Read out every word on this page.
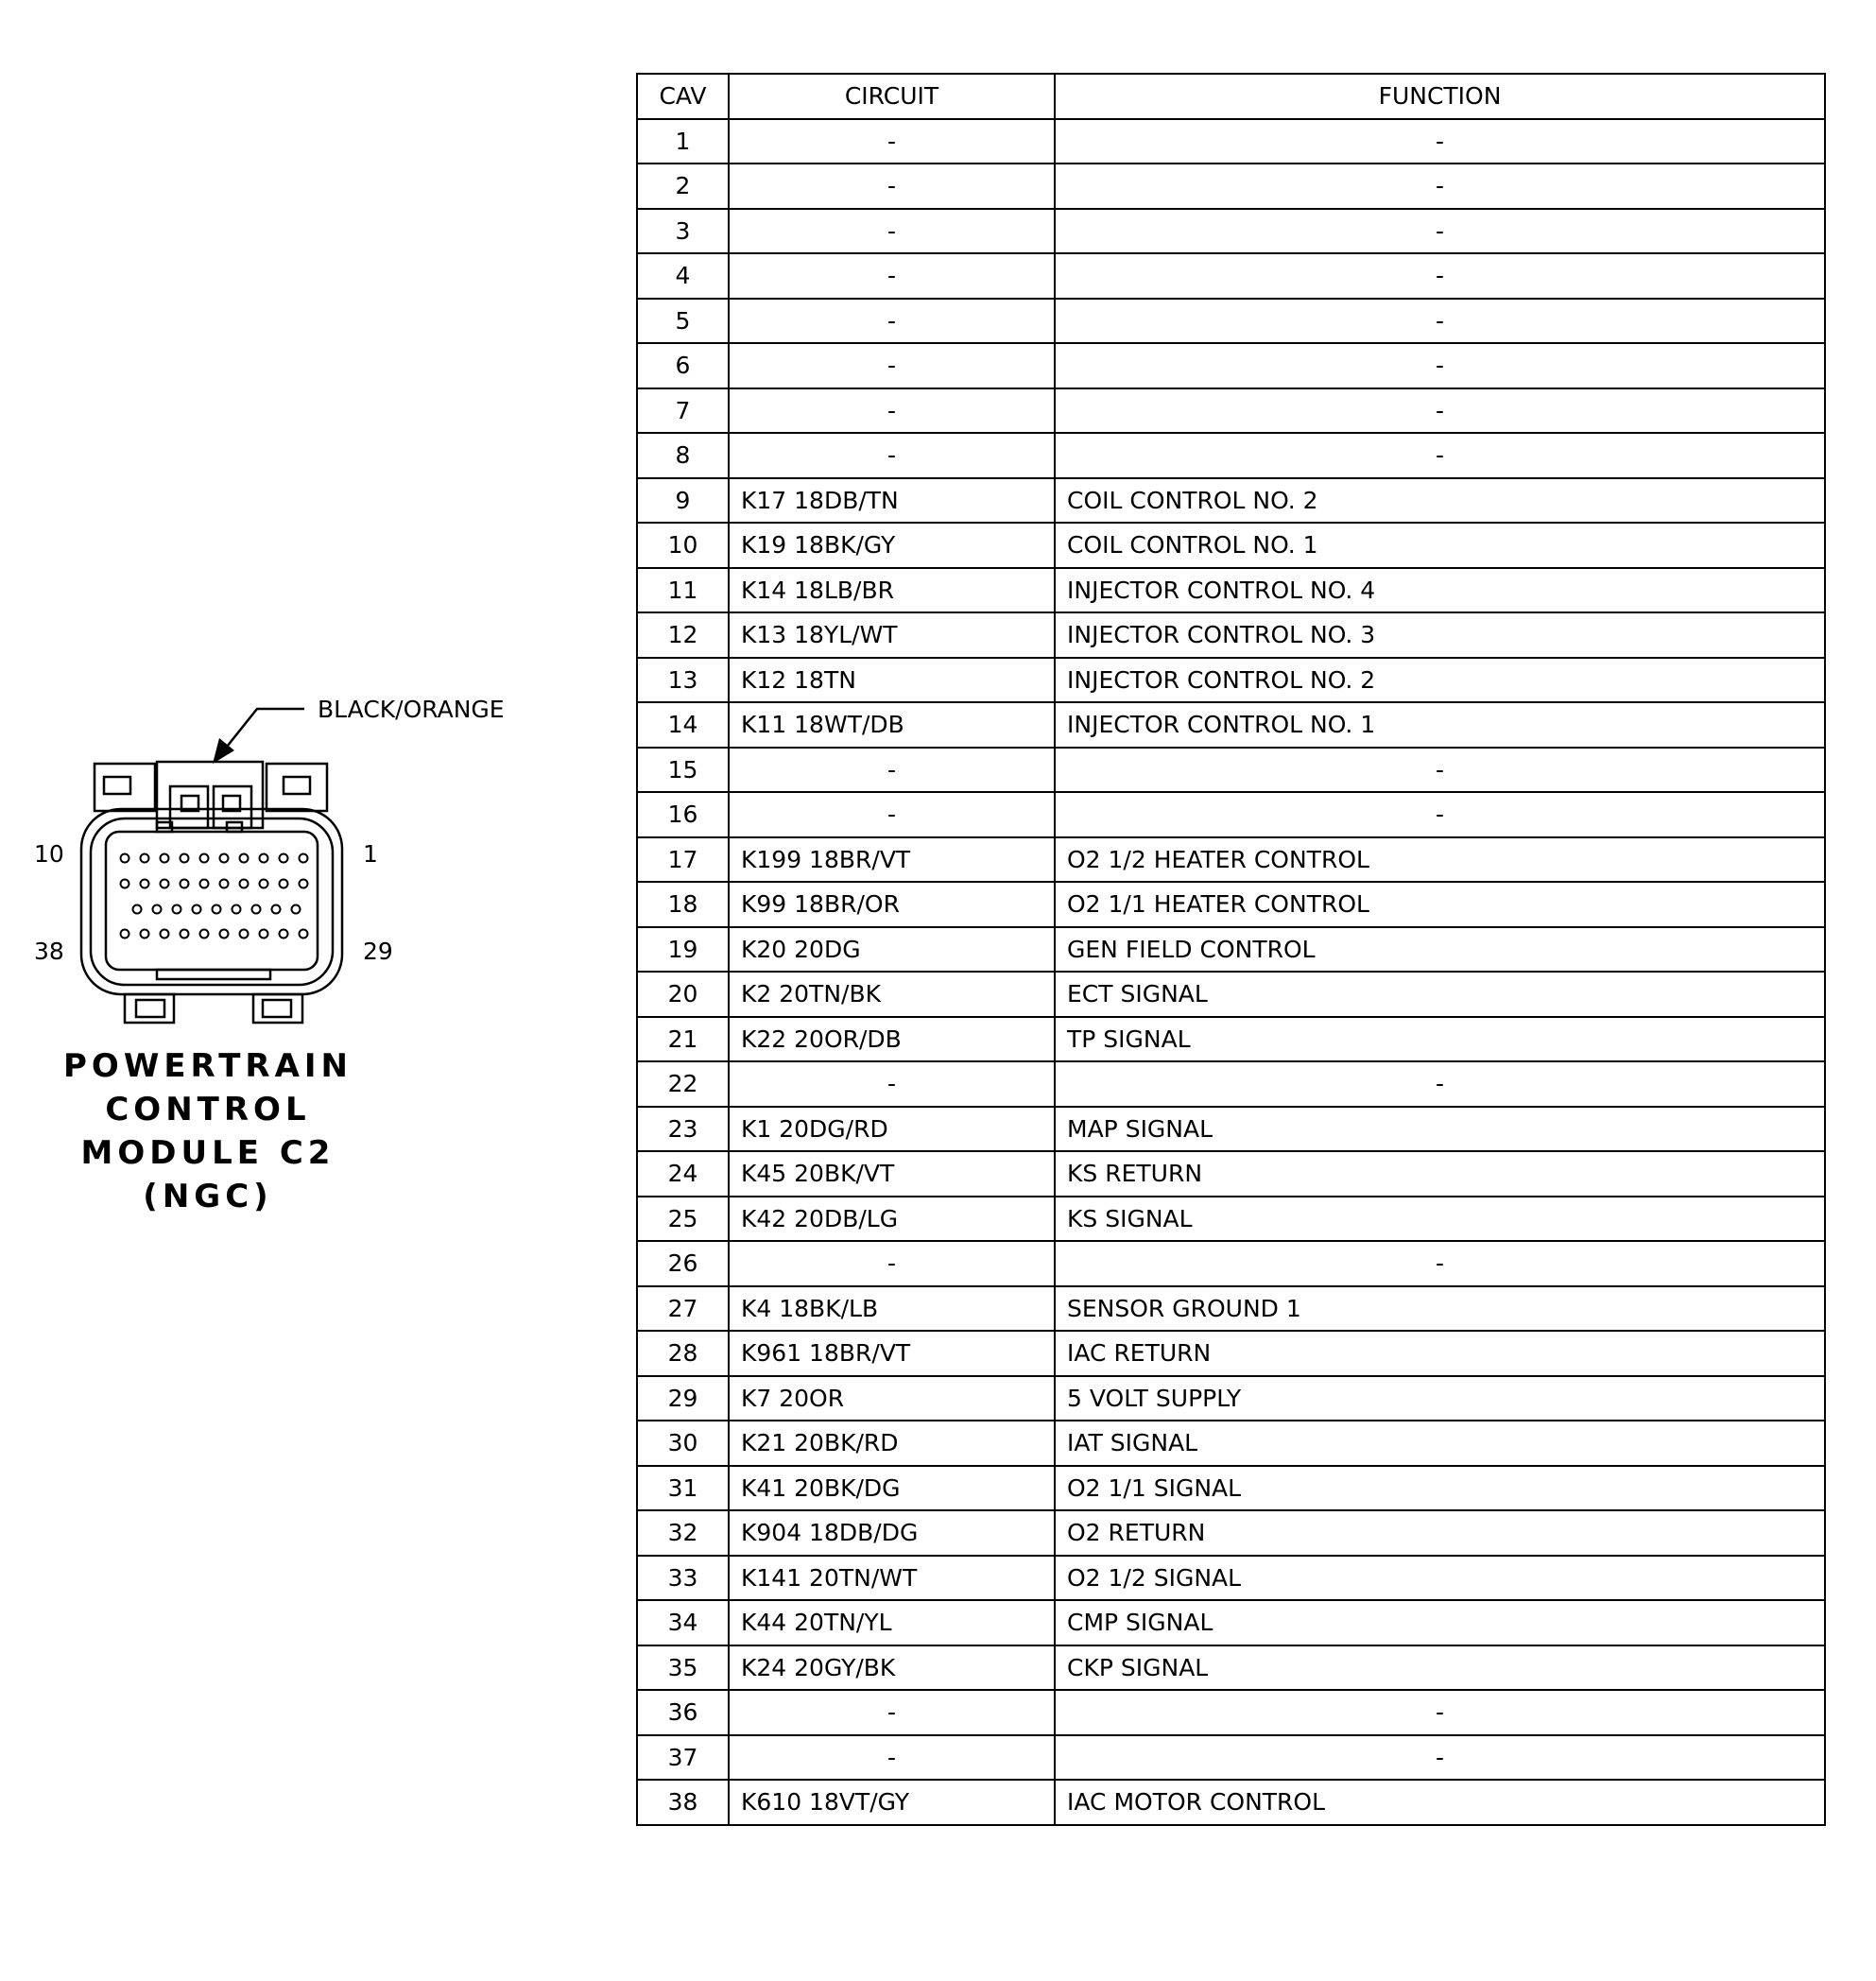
BLACK/ORANGE
10	1
38	29
POWERTRAIN
CONTROL
MODULE C2
(NGC)
CAV	CIRCUIT	FUNCTION
1	-	-
2	-	-
3	-	-
4	-	-
5	-	-
6	-	-
7	-	-
8	-	-
9	K17 18DB/TN	COIL CONTROL NO. 2
10	K19 18BK/GY	COIL CONTROL NO. 1
11	K14 18LB/BR	INJECTOR CONTROL NO. 4
12	K13 18YL/WT	INJECTOR CONTROL NO. 3
13	K12 18TN	INJECTOR CONTROL NO. 2
14	K11 18WT/DB	INJECTOR CONTROL NO. 1
15	-	-
16	-	-
17	K199 18BR/VT	O2 1/2 HEATER CONTROL
18	K99 18BR/OR	O2 1/1 HEATER CONTROL
19	K20 20DG	GEN FIELD CONTROL
20	K2 20TN/BK	ECT SIGNAL
21	K22 20OR/DB	TP SIGNAL
22	-	-
23	K1 20DG/RD	MAP SIGNAL
24	K45 20BK/VT	KS RETURN
25	K42 20DB/LG	KS SIGNAL
26	-	-
27	K4 18BK/LB	SENSOR GROUND 1
28	K961 18BR/VT	IAC RETURN
29	K7 20OR	5 VOLT SUPPLY
30	K21 20BK/RD	IAT SIGNAL
31	K41 20BK/DG	O2 1/1 SIGNAL
32	K904 18DB/DG	O2 RETURN
33	K141 20TN/WT	O2 1/2 SIGNAL
34	K44 20TN/YL	CMP SIGNAL
35	K24 20GY/BK	CKP SIGNAL
36	-	-
37	-	-
38	K610 18VT/GY	IAC MOTOR CONTROL
